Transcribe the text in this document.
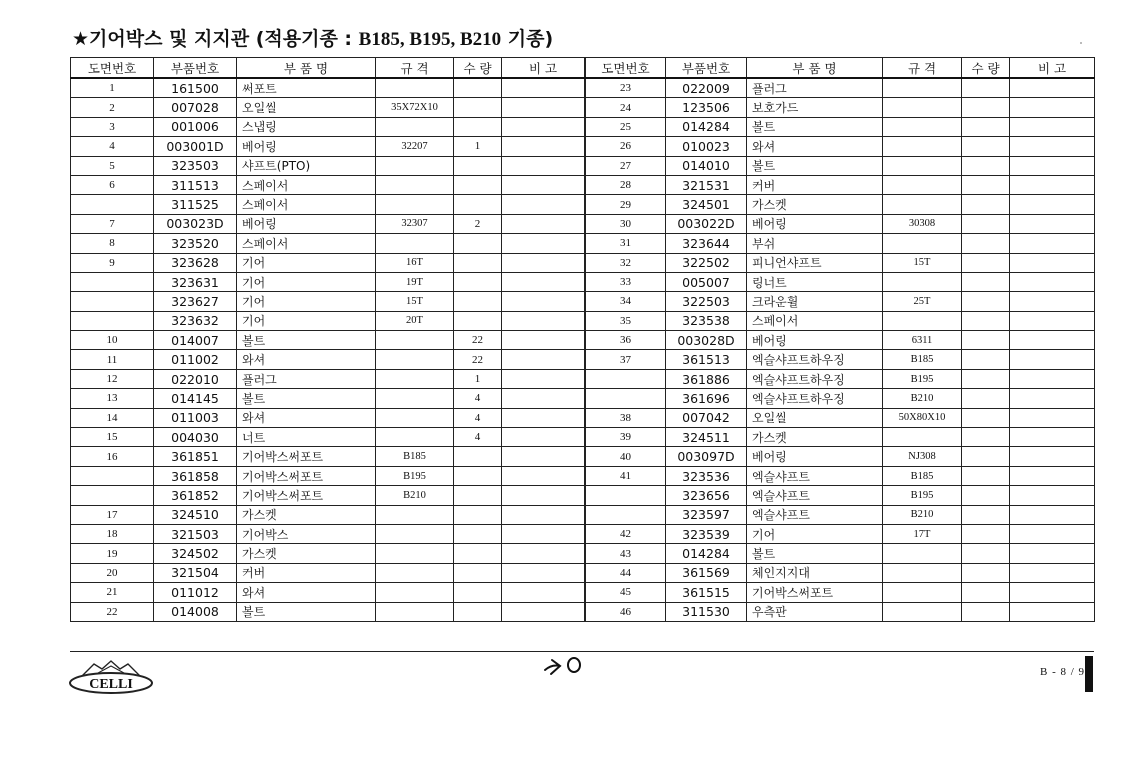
★기어박스 및 지지관 (적용기종 : B185, B195, B210 기종)
도면번호	부품번호	부 품 명	규 격	수 량	비 고
1	161500	써포트			
2	007028	오일씰	35X72X10		
3	001006	스냅링			
4	003001D	베어링	32207	1	
5	323503	샤프트(PTO)			
6	311513	스페이서			
	311525	스페이서			
7	003023D	베어링	32307	2	
8	323520	스페이서			
9	323628	기어	16T		
	323631	기어	19T		
	323627	기어	15T		
	323632	기어	20T		
10	014007	볼트		22	
11	011002	와셔		22	
12	022010	플러그		1	
13	014145	볼트		4	
14	011003	와셔		4	
15	004030	너트		4	
16	361851	기어박스써포트	B185		
	361858	기어박스써포트	B195		
	361852	기어박스써포트	B210		
17	324510	가스켓			
18	321503	기어박스			
19	324502	가스켓			
20	321504	커버			
21	011012	와셔			
22	014008	볼트			
도면번호	부품번호	부 품 명	규 격	수 량	비 고
23	022009	플러그			
24	123506	보호가드			
25	014284	볼트			
26	010023	와셔			
27	014010	볼트			
28	321531	커버			
29	324501	가스켓			
30	003022D	베어링	30308		
31	323644	부쉬			
32	322502	피니언샤프트	15T		
33	005007	링너트			
34	322503	크라운휠	25T		
35	323538	스페이서			
36	003028D	베어링	6311		
37	361513	엑슬샤프트하우징	B185		
	361886	엑슬샤프트하우징	B195		
	361696	엑슬샤프트하우징	B210		
38	007042	오일씰	50X80X10		
39	324511	가스켓			
40	003097D	베어링	NJ308		
41	323536	엑슬샤프트	B185		
	323656	엑슬샤프트	B195		
	323597	엑슬샤프트	B210		
42	323539	기어	17T		
43	014284	볼트			
44	361569	체인지지대			
45	361515	기어박스써포트			
46	311530	우측판			
CELLI
B - 8 / 9
